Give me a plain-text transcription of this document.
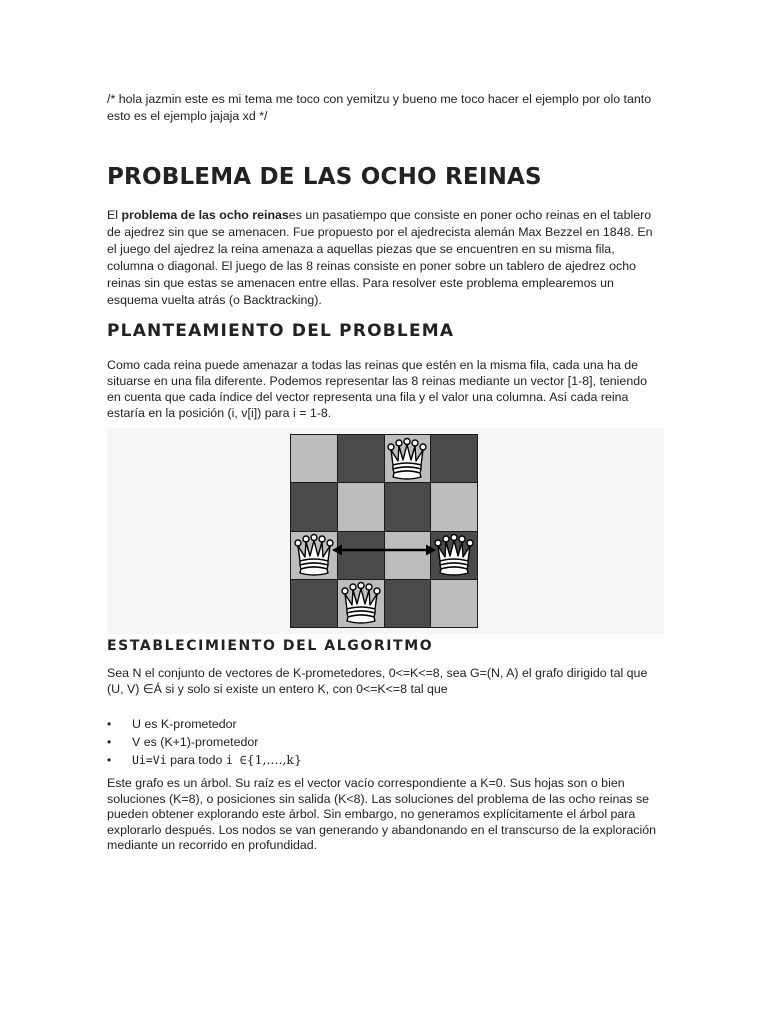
/* hola jazmin este es mi tema me toco con yemitzu y bueno me toco hacer el ejemplo por olo tanto esto es el ejemplo jajaja xd */
PROBLEMA DE LAS OCHO REINAS
El problema de las ocho reinases un pasatiempo que consiste en poner ocho reinas en el tablero de ajedrez sin que se amenacen. Fue propuesto por el ajedrecista alemán Max Bezzel en 1848. En el juego del ajedrez la reina amenaza a aquellas piezas que se encuentren en su misma fila, columna o diagonal. El juego de las 8 reinas consiste en poner sobre un tablero de ajedrez ocho reinas sin que estas se amenacen entre ellas. Para resolver este problema emplearemos un esquema vuelta atrás (o Backtracking).
PLANTEAMIENTO DEL PROBLEMA
Como cada reina puede amenazar a todas las reinas que estén en la misma fila, cada una ha de situarse en una fila diferente. Podemos representar las 8 reinas mediante un vector [1-8], teniendo en cuenta que cada índice del vector representa una fila y el valor una columna. Así cada reina estaría en la posición (i, v[i]) para i = 1-8.
ESTABLECIMIENTO DEL ALGORITMO
Sea N el conjunto de vectores de K-prometedores, 0<=K<=8, sea G=(N, A) el grafo dirigido tal que (U, V) ∈Á si y solo si existe un entero K, con 0<=K<=8 tal que
• U es K-prometedor
• V es (K+1)-prometedor
• Ui=Vi para todo i ∈{1,....,k}
Este grafo es un árbol. Su raíz es el vector vacío correspondiente a K=0. Sus hojas son o bien soluciones (K=8), o posiciones sin salida (K<8). Las soluciones del problema de las ocho reinas se pueden obtener explorando este árbol. Sin embargo, no generamos explícitamente el árbol para explorarlo después. Los nodos se van generando y abandonando en el transcurso de la exploración mediante un recorrido en profundidad.
